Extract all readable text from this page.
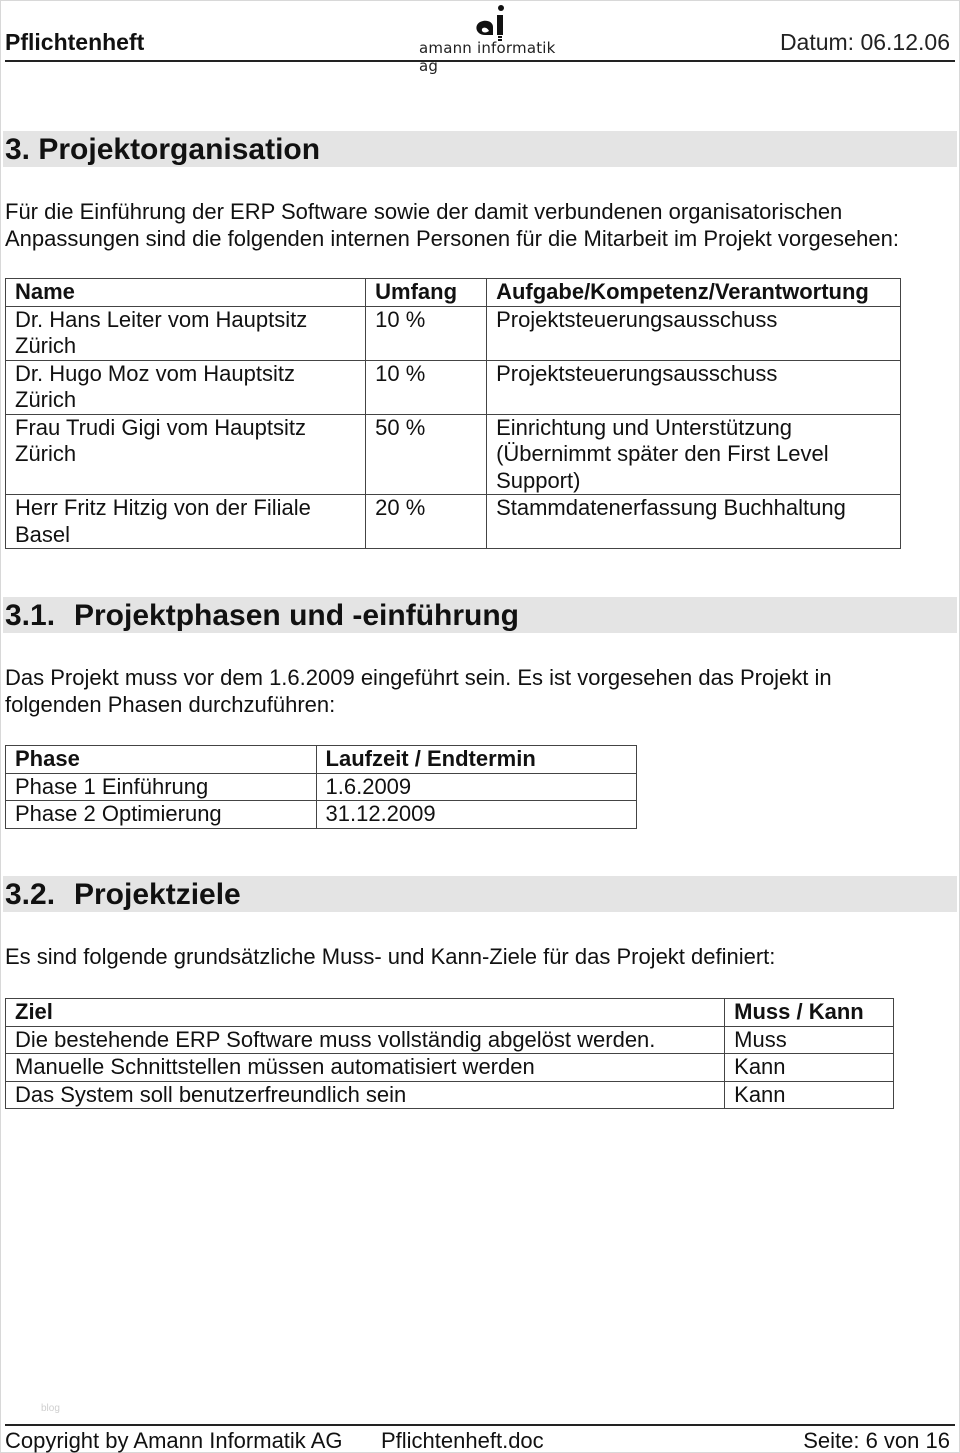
Pflichtenheft	amann informatik ag
Datum: 06.12.06
3. Projektorganisation
Für die Einführung der ERP Software sowie der damit verbundenen organisatorischen
Anpassungen sind die folgenden internen Personen für die Mitarbeit im Projekt vorgesehen:
Name	Umfang	Aufgabe/Kompetenz/Verantwortung
Dr. Hans Leiter vom Hauptsitz
Zürich	10 %	Projektsteuerungsausschuss
Dr. Hugo Moz vom Hauptsitz
Zürich	10 %	Projektsteuerungsausschuss
Frau Trudi Gigi vom Hauptsitz
Zürich	50 %	Einrichtung und Unterstützung
(Übernimmt später den First Level
Support)
Herr Fritz Hitzig von der Filiale
Basel	20 %	Stammdatenerfassung Buchhaltung
3.1. Projektphasen und -einführung
Das Projekt muss vor dem 1.6.2009 eingeführt sein. Es ist vorgesehen das Projekt in
folgenden Phasen durchzuführen:
Phase	Laufzeit / Endtermin
Phase 1 Einführung	1.6.2009
Phase 2 Optimierung	31.12.2009
3.2. Projektziele
Es sind folgende grundsätzliche Muss- und Kann-Ziele für das Projekt definiert:
Ziel	Muss / Kann
Die bestehende ERP Software muss vollständig abgelöst werden.	Muss
Manuelle Schnittstellen müssen automatisiert werden	Kann
Das System soll benutzerfreundlich sein	Kann
blog
Copyright by Amann Informatik AG Pflichtenheft.doc	Seite: 6 von 16
